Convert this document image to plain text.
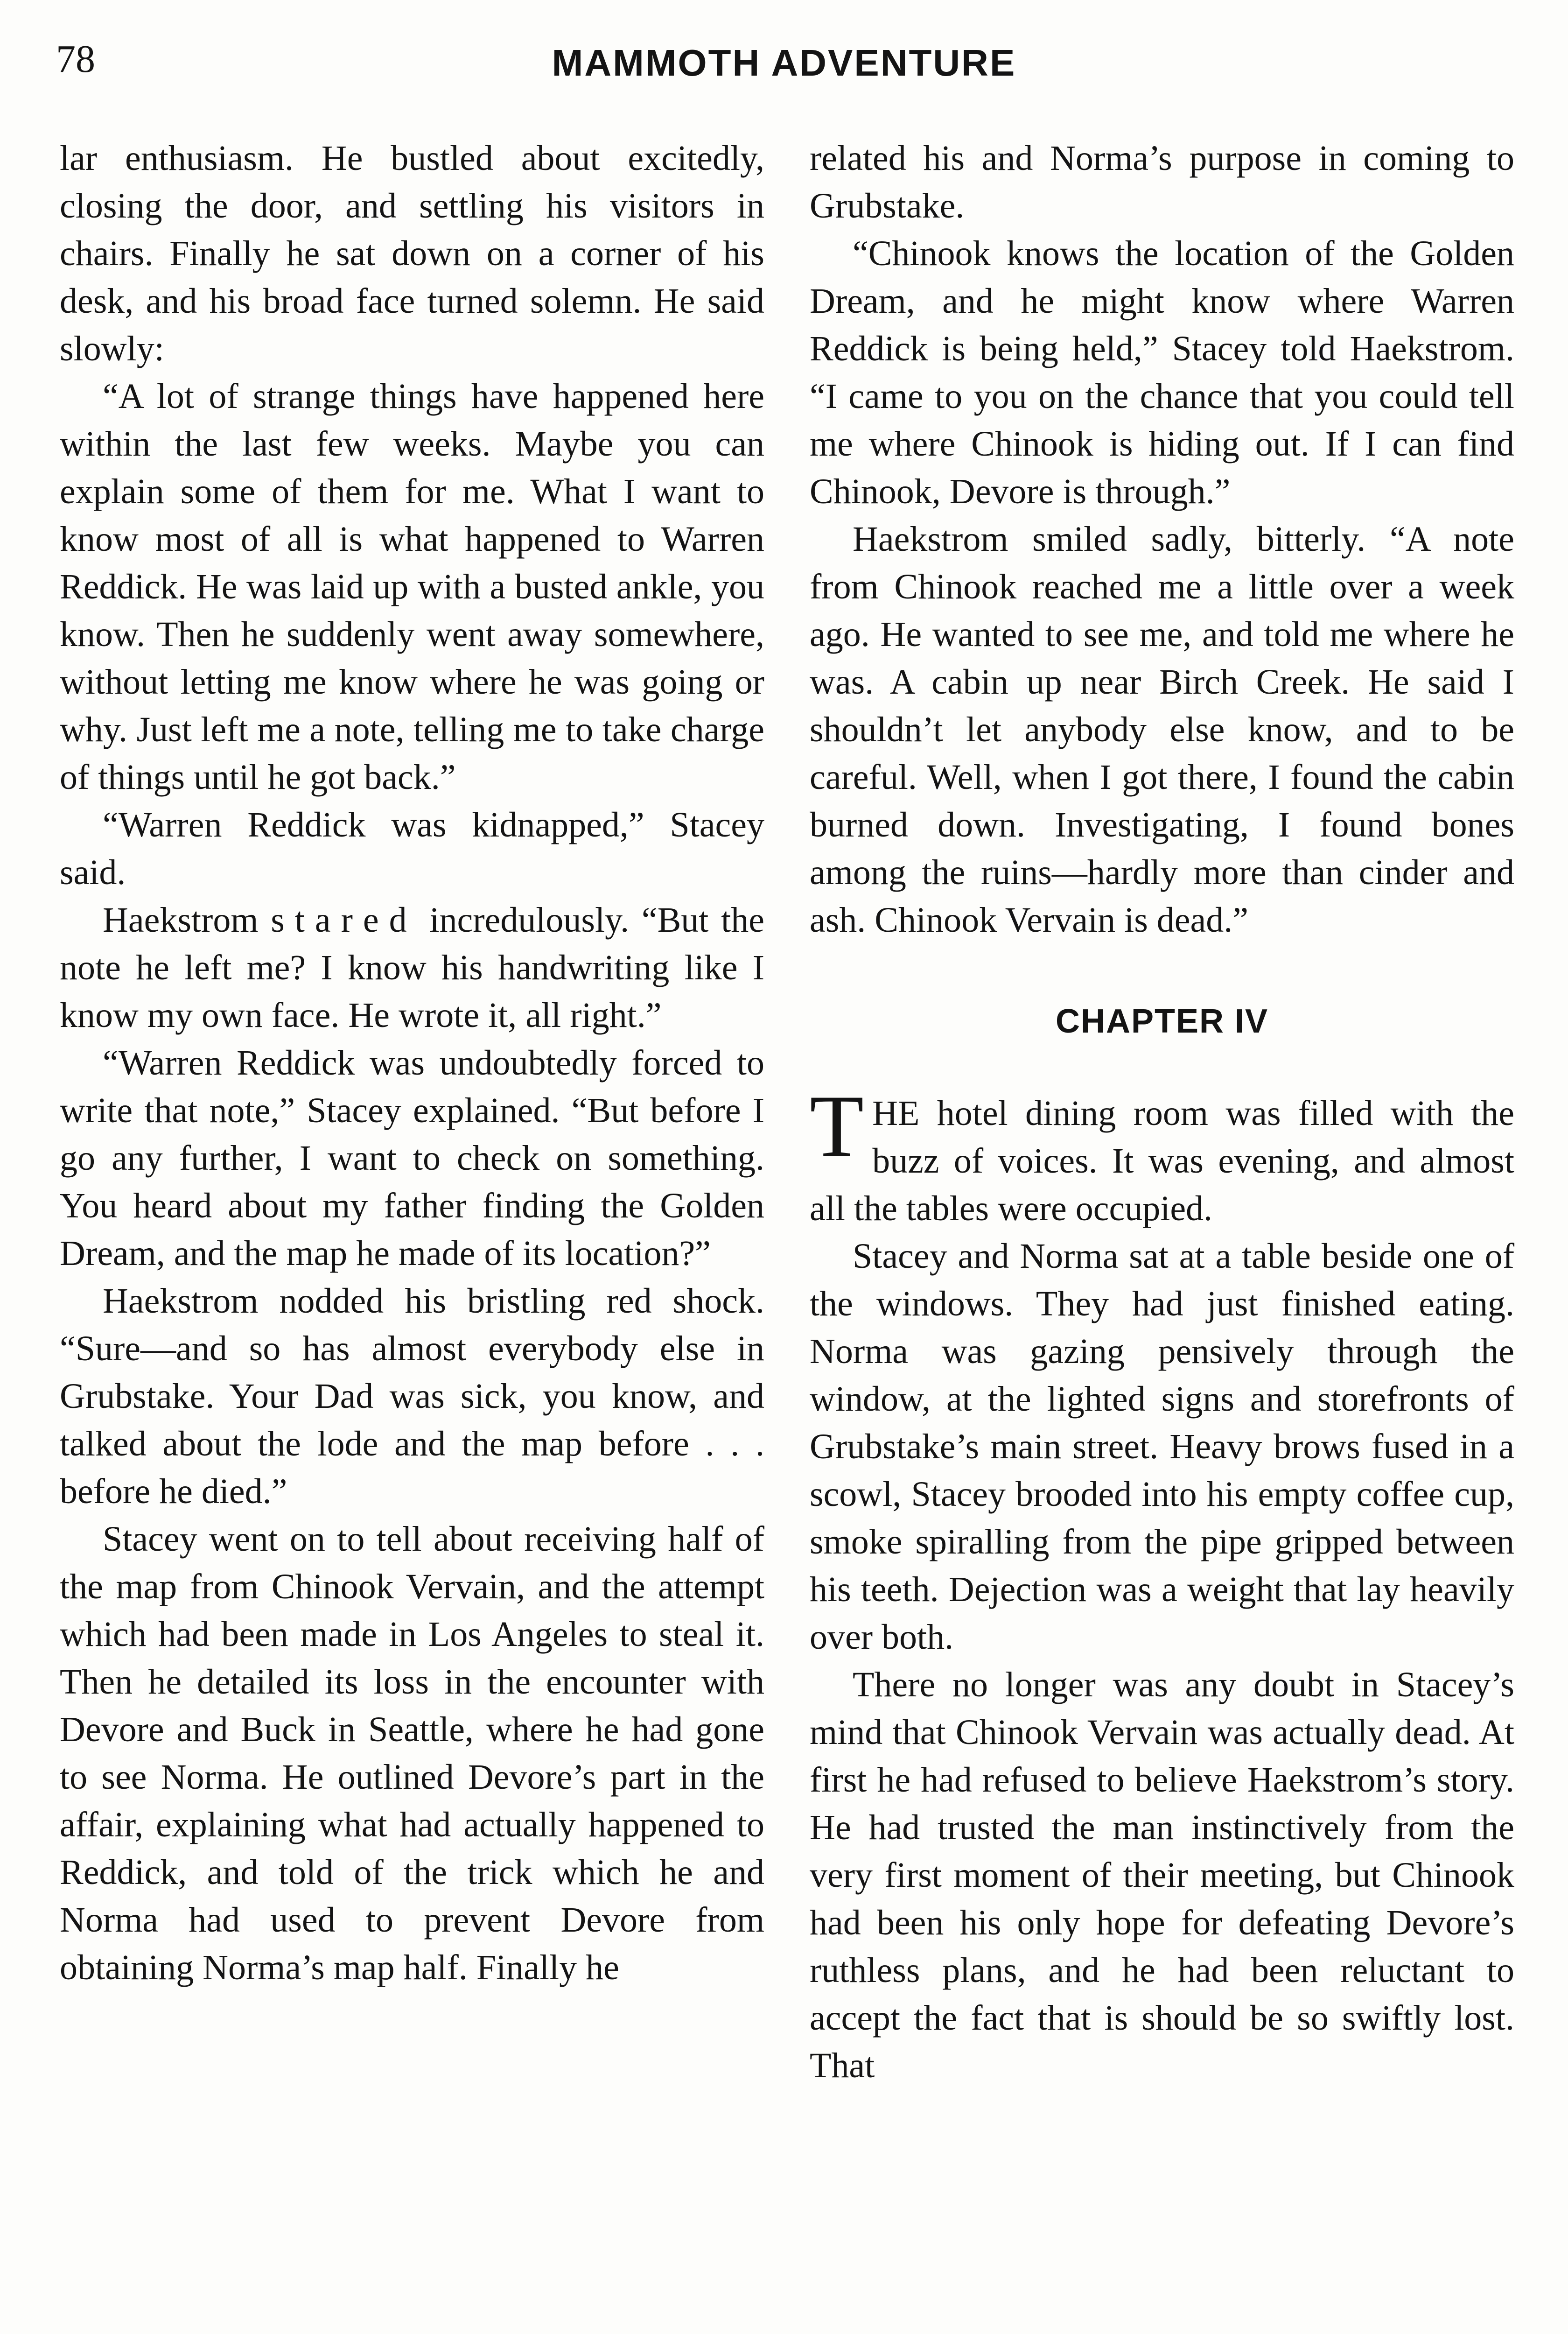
78	MAMMOTH ADVENTURE

lar enthusiasm. He bustled about excitedly, closing the door, and settling his visitors in chairs. Finally he sat down on a corner of his desk, and his broad face turned solemn. He said slowly:

“A lot of strange things have happened here within the last few weeks. Maybe you can explain some of them for me. What I want to know most of all is what happened to Warren Reddick. He was laid up with a busted ankle, you know. Then he suddenly went away somewhere, without letting me know where he was going or why. Just left me a note, telling me to take charge of things until he got back.”

“Warren Reddick was kidnapped,” Stacey said.

Haekstrom stared incredulously. “But the note he left me? I know his handwriting like I know my own face. He wrote it, all right.”

“Warren Reddick was undoubtedly forced to write that note,” Stacey explained. “But before I go any further, I want to check on something. You heard about my father finding the Golden Dream, and the map he made of its location?”

Haekstrom nodded his bristling red shock. “Sure—and so has almost everybody else in Grubstake. Your Dad was sick, you know, and talked about the lode and the map before . . . before he died.”

Stacey went on to tell about receiving half of the map from Chinook Vervain, and the attempt which had been made in Los Angeles to steal it. Then he detailed its loss in the encounter with Devore and Buck in Seattle, where he had gone to see Norma. He outlined Devore’s part in the affair, explaining what had actually happened to Reddick, and told of the trick which he and Norma had used to prevent Devore from obtaining Norma’s map half. Finally he

related his and Norma’s purpose in coming to Grubstake.

“Chinook knows the location of the Golden Dream, and he might know where Warren Reddick is being held,” Stacey told Haekstrom. “I came to you on the chance that you could tell me where Chinook is hiding out. If I can find Chinook, Devore is through.”

Haekstrom smiled sadly, bitterly. “A note from Chinook reached me a little over a week ago. He wanted to see me, and told me where he was. A cabin up near Birch Creek. He said I shouldn’t let anybody else know, and to be careful. Well, when I got there, I found the cabin burned down. Investigating, I found bones among the ruins—hardly more than cinder and ash. Chinook Vervain is dead.”

CHAPTER IV

THE hotel dining room was filled with the buzz of voices. It was evening, and almost all the tables were occupied.

Stacey and Norma sat at a table beside one of the windows. They had just finished eating. Norma was gazing pensively through the window, at the lighted signs and storefronts of Grubstake’s main street. Heavy brows fused in a scowl, Stacey brooded into his empty coffee cup, smoke spiralling from the pipe gripped between his teeth. Dejection was a weight that lay heavily over both.

There no longer was any doubt in Stacey’s mind that Chinook Vervain was actually dead. At first he had refused to believe Haekstrom’s story. He had trusted the man instinctively from the very first moment of their meeting, but Chinook had been his only hope for defeating Devore’s ruthless plans, and he had been reluctant to accept the fact that is should be so swiftly lost. That
